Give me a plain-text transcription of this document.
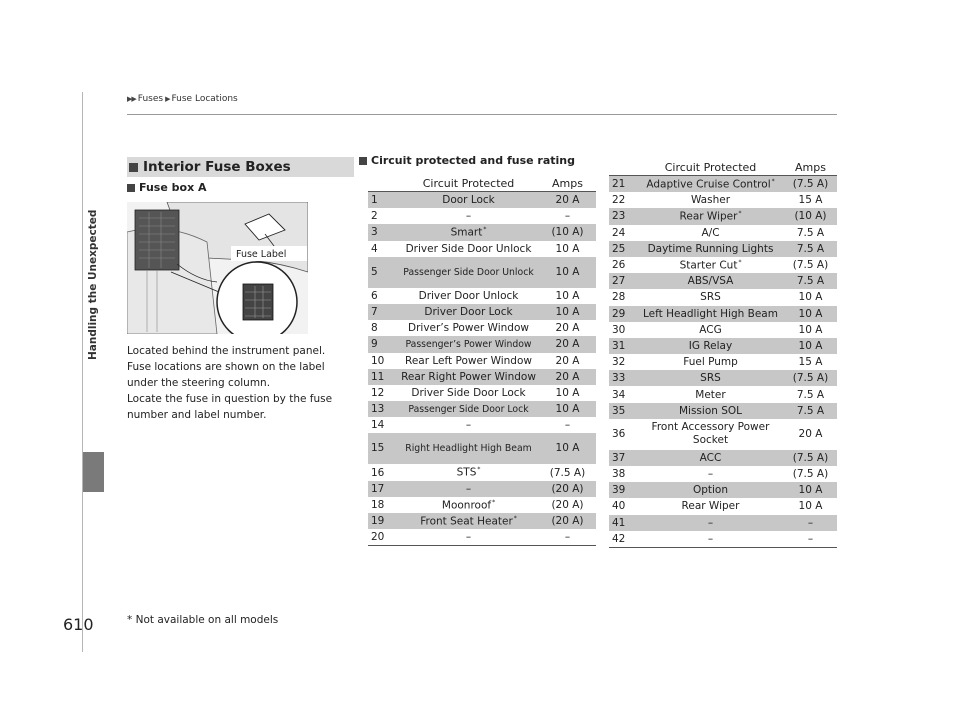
▶▶ Fuses ▶ Fuse Locations
Handling the Unexpected
Interior Fuse Boxes
Fuse box A
Fuse Label

Located behind the instrument panel.

Fuse locations are shown on the label under the steering column.

Locate the fuse in question by the fuse number and label number.

Circuit protected and fuse rating
	Circuit Protected	Amps
1	Door Lock	20 A
2	–	–
3	Smart*	(10 A)
4	Driver Side Door Unlock	10 A
5	Passenger Side Door Unlock	10 A
6	Driver Door Unlock	10 A
7	Driver Door Lock	10 A
8	Driver’s Power Window	20 A
9	Passenger’s Power Window	20 A
10	Rear Left Power Window	20 A
11	Rear Right Power Window	20 A
12	Driver Side Door Lock	10 A
13	Passenger Side Door Lock	10 A
14	–	–
15	Right Headlight High Beam	10 A
16	STS*	(7.5 A)
17	–	(20 A)
18	Moonroof*	(20 A)
19	Front Seat Heater*	(20 A)
20	–	–
	Circuit Protected	Amps
21	Adaptive Cruise Control*	(7.5 A)
22	Washer	15 A
23	Rear Wiper*	(10 A)
24	A/C	7.5 A
25	Daytime Running Lights	7.5 A
26	Starter Cut*	(7.5 A)
27	ABS/VSA	7.5 A
28	SRS	10 A
29	Left Headlight High Beam	10 A
30	ACG	10 A
31	IG Relay	10 A
32	Fuel Pump	15 A
33	SRS	(7.5 A)
34	Meter	7.5 A
35	Mission SOL	7.5 A
36	Front Accessory Power Socket	20 A
37	ACC	(7.5 A)
38	–	(7.5 A)
39	Option	10 A
40	Rear Wiper	10 A
41	–	–
42	–	–
610	* Not available on all models
